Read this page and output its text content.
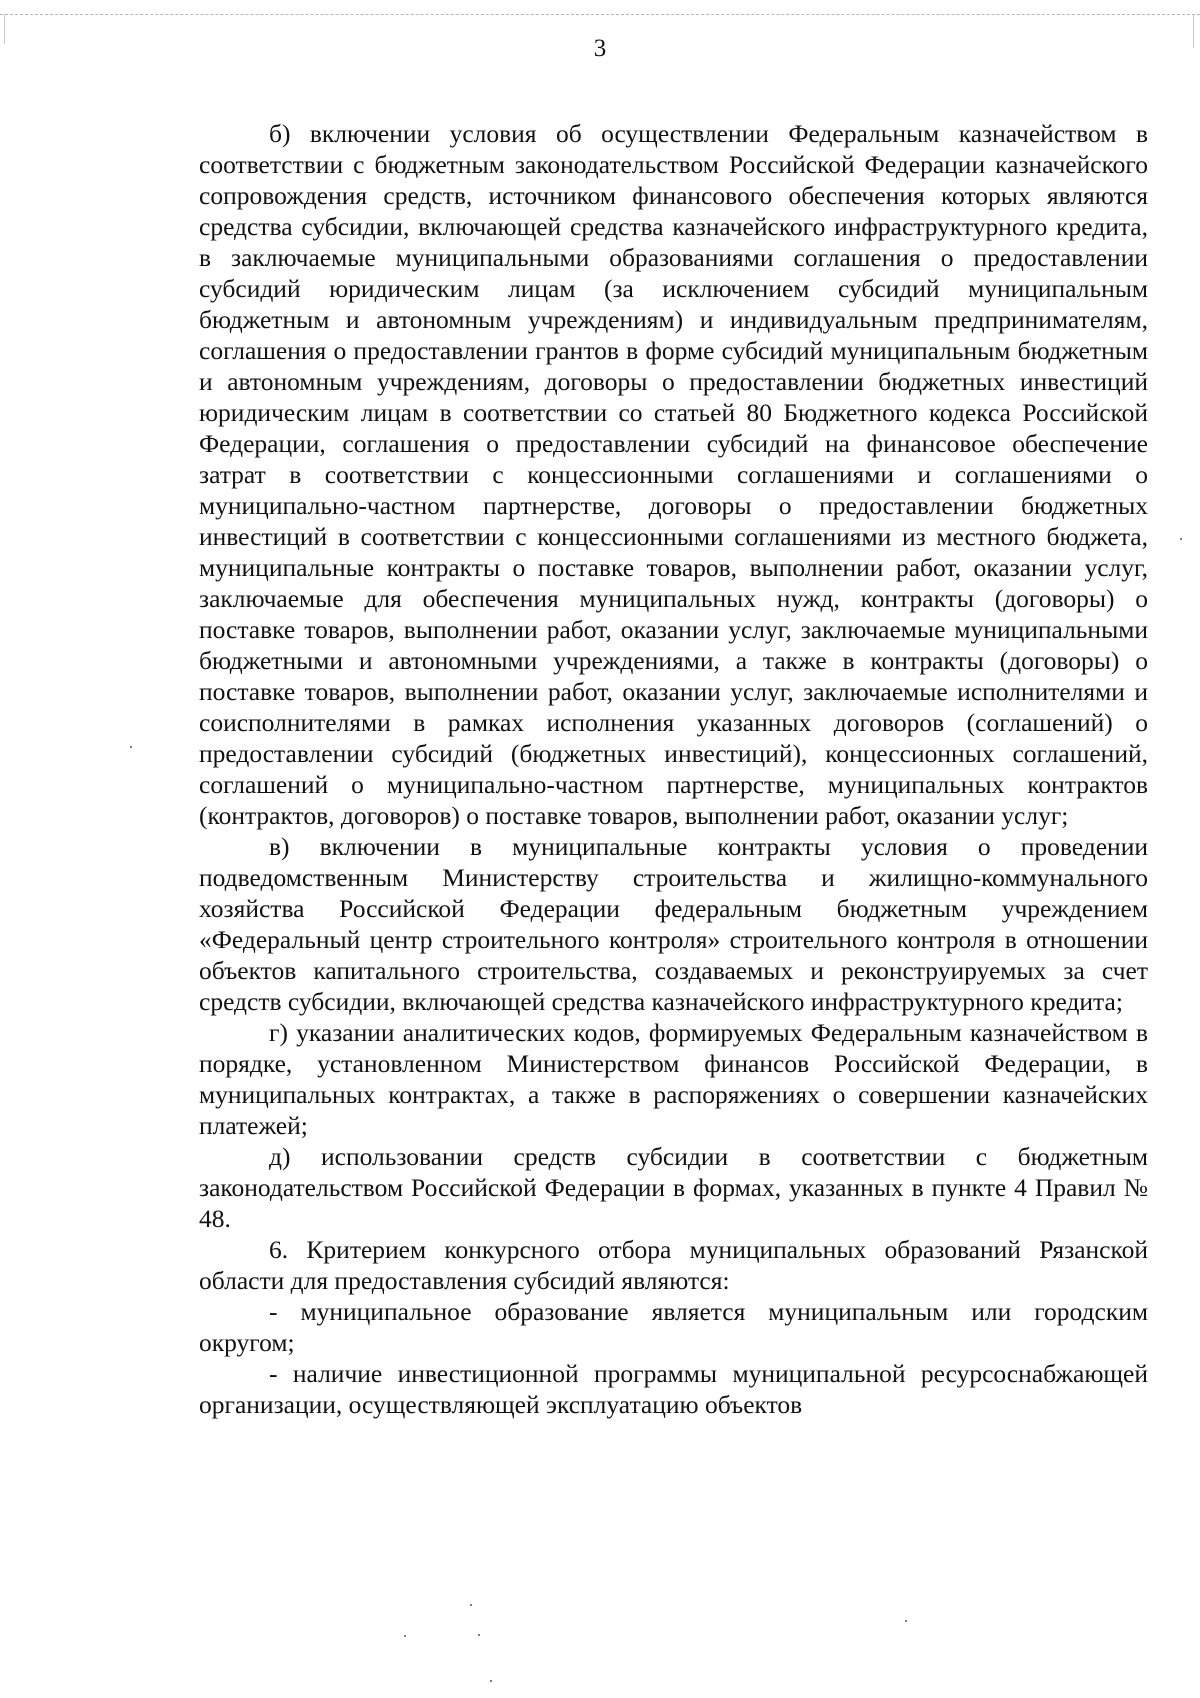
3

б) включении условия об осуществлении Федеральным казначейством в соответствии с бюджетным законодательством Российской Федерации казначейского сопровождения средств, источником финансового обеспечения которых являются средства субсидии, включающей средства казначейского инфраструктурного кредита, в заключаемые муниципальными образованиями соглашения о предоставлении субсидий юридическим лицам (за исключением субсидий муниципальным бюджетным и автономным учреждениям) и индивидуальным предпринимателям, соглашения о предоставлении грантов в форме субсидий муниципальным бюджетным и автономным учреждениям, договоры о предоставлении бюджетных инвестиций юридическим лицам в соответствии со статьей 80 Бюджетного кодекса Российской Федерации, соглашения о предоставлении субсидий на финансовое обеспечение затрат в соответствии с концессионными соглашениями и соглашениями о муниципально-частном партнерстве, договоры о предоставлении бюджетных инвестиций в соответствии с концессионными соглашениями из местного бюджета, муниципальные контракты о поставке товаров, выполнении работ, оказании услуг, заключаемые для обеспечения муниципальных нужд, контракты (договоры) о поставке товаров, выполнении работ, оказании услуг, заключаемые муниципальными бюджетными и автономными учреждениями, а также в контракты (договоры) о поставке товаров, выполнении работ, оказании услуг, заключаемые исполнителями и соисполнителями в рамках исполнения указанных договоров (соглашений) о предоставлении субсидий (бюджетных инвестиций), концессионных соглашений, соглашений о муниципально-частном партнерстве, муниципальных контрактов (контрактов, договоров) о поставке товаров, выполнении работ, оказании услуг;

в) включении в муниципальные контракты условия о проведении подведомственным Министерству строительства и жилищно-коммунального хозяйства Российской Федерации федеральным бюджетным учреждением «Федеральный центр строительного контроля» строительного контроля в отношении объектов капитального строительства, создаваемых и реконструируемых за счет средств субсидии, включающей средства казначейского инфраструктурного кредита;

г) указании аналитических кодов, формируемых Федеральным казначейством в порядке, установленном Министерством финансов Российской Федерации, в муниципальных контрактах, а также в распоряжениях о совершении казначейских платежей;

д) использовании средств субсидии в соответствии с бюджетным законодательством Российской Федерации в формах, указанных в пункте 4 Правил № 48.

6. Критерием конкурсного отбора муниципальных образований Рязанской области для предоставления субсидий являются:

- муниципальное образование является муниципальным или городским округом;

- наличие инвестиционной программы муниципальной ресурсоснабжающей организации, осуществляющей эксплуатацию объектов
